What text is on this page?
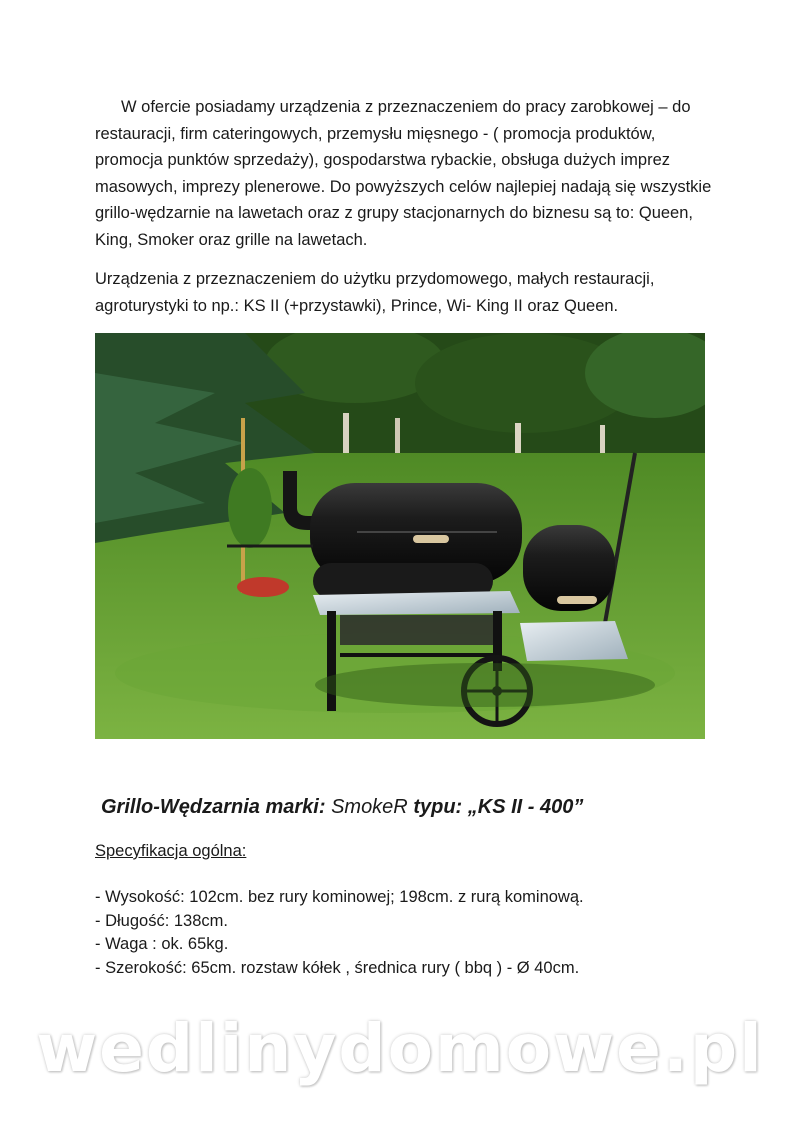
W ofercie posiadamy urządzenia z przeznaczeniem do pracy zarobkowej – do restauracji, firm cateringowych, przemysłu mięsnego - ( promocja produktów, promocja punktów sprzedaży), gospodarstwa rybackie, obsługa dużych imprez masowych, imprezy plenerowe. Do powyższych celów najlepiej nadają się wszystkie grillo-wędzarnie na lawetach oraz z grupy stacjonarnych do biznesu są to: Queen, King, Smoker oraz grille na lawetach.

Urządzenia z przeznaczeniem do użytku przydomowego, małych restauracji, agroturystyki to np.: KS II (+przystawki), Prince, Wi- King II oraz Queen.

Grillo-Wędzarnia marki: SmokeR typu: „KS II - 400”

Specyfikacja ogólna:

- Wysokość: 102cm. bez rury kominowej; 198cm. z rurą kominową.
- Długość: 138cm.
- Waga : ok. 65kg.
- Szerokość: 65cm. rozstaw kółek , średnica rury ( bbq ) - Ø 40cm.
wedlinydomowe.pl
